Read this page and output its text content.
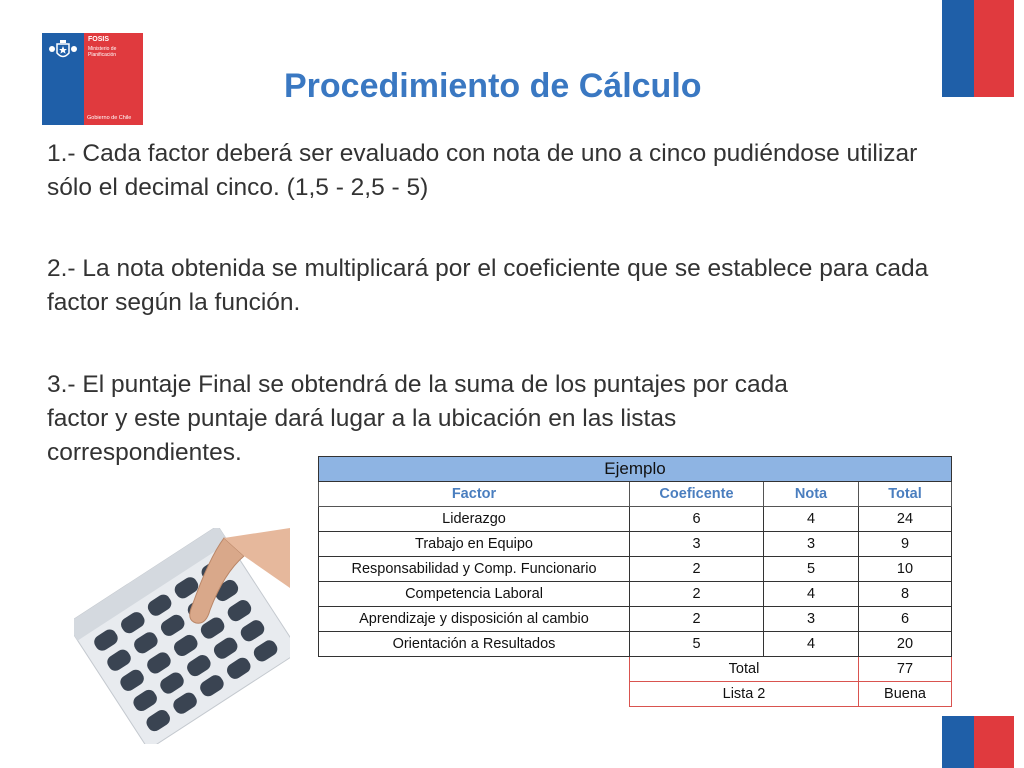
FOSIS
Ministerio de Planificación
Gobierno de Chile
Procedimiento de Cálculo

1.- Cada factor deberá ser evaluado con nota de uno a cinco pudiéndose utilizar sólo el decimal cinco. (1,5 - 2,5 - 5)

2.- La nota obtenida se multiplicará por el coeficiente que se establece para cada factor según la función.

3.- El puntaje Final se obtendrá de la suma de los puntajes por cada factor y este puntaje dará lugar a la ubicación en las listas correspondientes.

Ejemplo			
Factor	Coeficente	Nota	Total
Liderazgo	6	4	24
Trabajo en Equipo	3	3	9
Responsabilidad y Comp. Funcionario	2	5	10
Competencia Laboral	2	4	8
Aprendizaje y disposición al cambio	2	3	6
Orientación a Resultados	5	4	20
	Total		77
	Lista 2		Buena
